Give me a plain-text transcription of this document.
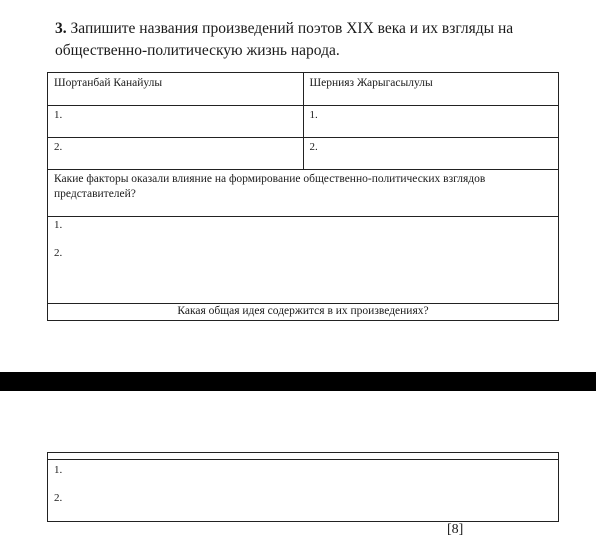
3. Запишите названия произведений поэтов XIX века и их взгляды на общественно-политическую жизнь народа.
Шортанбай Канайулы	Шернияз Жарыгасылулы
1.	1.
2.	2.
Какие факторы оказали влияние на формирование общественно-политических взглядов представителей?	

1.
2.	

Какая общая идея содержится в их произведениях?	

1.
2.
[8]
